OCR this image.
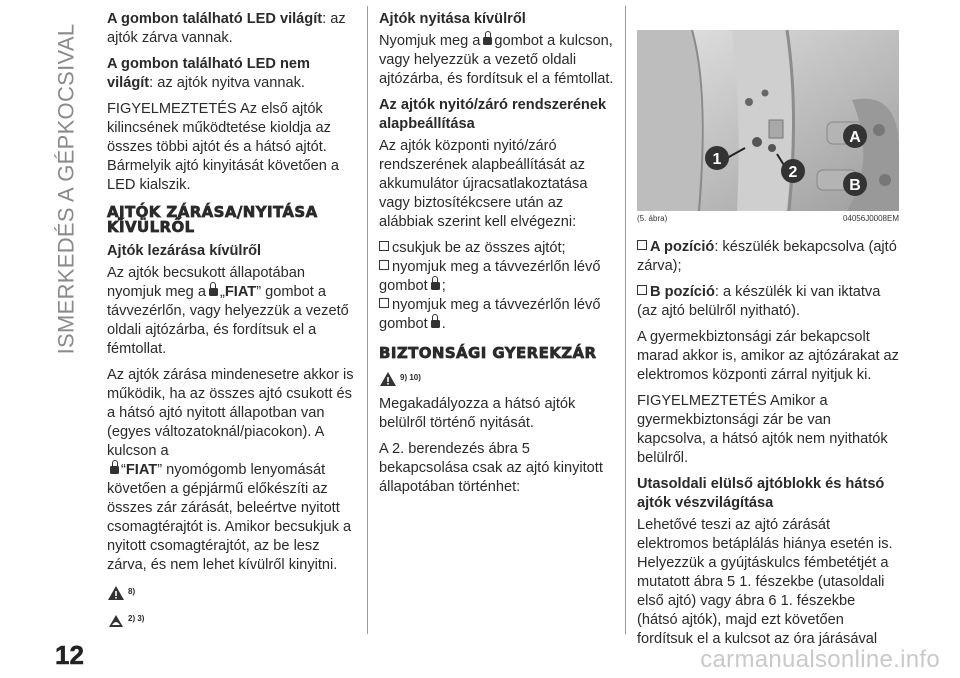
ISMERKEDÉS A GÉPKOCSIVAL

A gombon található LED világít: az ajtók zárva vannak.

A gombon található LED nem világít: az ajtók nyitva vannak.

FIGYELMEZTETÉS Az első ajtók kilincsének működtetése kioldja az összes többi ajtót és a hátsó ajtót. Bármelyik ajtó kinyitását követően a LED kialszik.

AJTÓK ZÁRÁSA/NYITÁSA KÍVÜLRŐL
Ajtók lezárása kívülről

Az ajtók becsukott állapotában nyomjuk meg a „FIAT” gombot a távvezérlőn, vagy helyezzük a vezető oldali ajtózárba, és fordítsuk el a fémtollat.

Az ajtók zárása mindenesetre akkor is működik, ha az összes ajtó csukott és a hátsó ajtó nyitott állapotban van (egyes változatoknál/piacokon). A kulcson a
“FIAT” nyomógomb lenyomását követően a gépjármű előkészíti az összes zár zárását, beleértve nyitott csomagtérajtót is. Amikor becsukjuk a nyitott csomagtérajtót, az be lesz zárva, és nem lehet kívülről kinyitni.

8)
2) 3)
Ajtók nyitása kívülről

Nyomjuk meg a gombot a kulcson, vagy helyezzük a vezető oldali ajtózárba, és fordítsuk el a fémtollat.

Az ajtók nyitó/záró rendszerének alapbeállítása

Az ajtók központi nyitó/záró rendszerének alapbeállítását az akkumulátor újracsatlakoztatása vagy biztosítékcsere után az alábbiak szerint kell elvégezni:

csukjuk be az összes ajtót;
nyomjuk meg a távvezérlőn lévő gombot ;
nyomjuk meg a távvezérlőn lévő gombot .
BIZTONSÁGI GYEREKZÁR
9) 10)

Megakadályozza a hátsó ajtók belülről történő nyitását.

A 2. berendezés ábra 5 bekapcsolása csak az ajtó kinyitott állapotában történhet:

1
2
A
B
(5. ábra)	04056J0008EM

A pozíció: készülék bekapcsolva (ajtó zárva);

B pozíció: a készülék ki van iktatva (az ajtó belülről nyitható).

A gyermekbiztonsági zár bekapcsolt marad akkor is, amikor az ajtózárakat az elektromos központi zárral nyitjuk ki.

FIGYELMEZTETÉS Amikor a gyermekbiztonsági zár be van kapcsolva, a hátsó ajtók nem nyithatók belülről.

Utasoldali elülső ajtóblokk és hátsó ajtók vészvilágítása

Lehetővé teszi az ajtó zárását elektromos betáplálás hiánya esetén is. Helyezzük a gyújtáskulcs fémbetétjét a mutatott ábra 5 1. fészekbe (utasoldali első ajtó) vagy ábra 6 1. fészekbe (hátsó ajtók), majd ezt követően fordítsuk el a kulcsot az óra járásával

12	carmanualsonline.info
